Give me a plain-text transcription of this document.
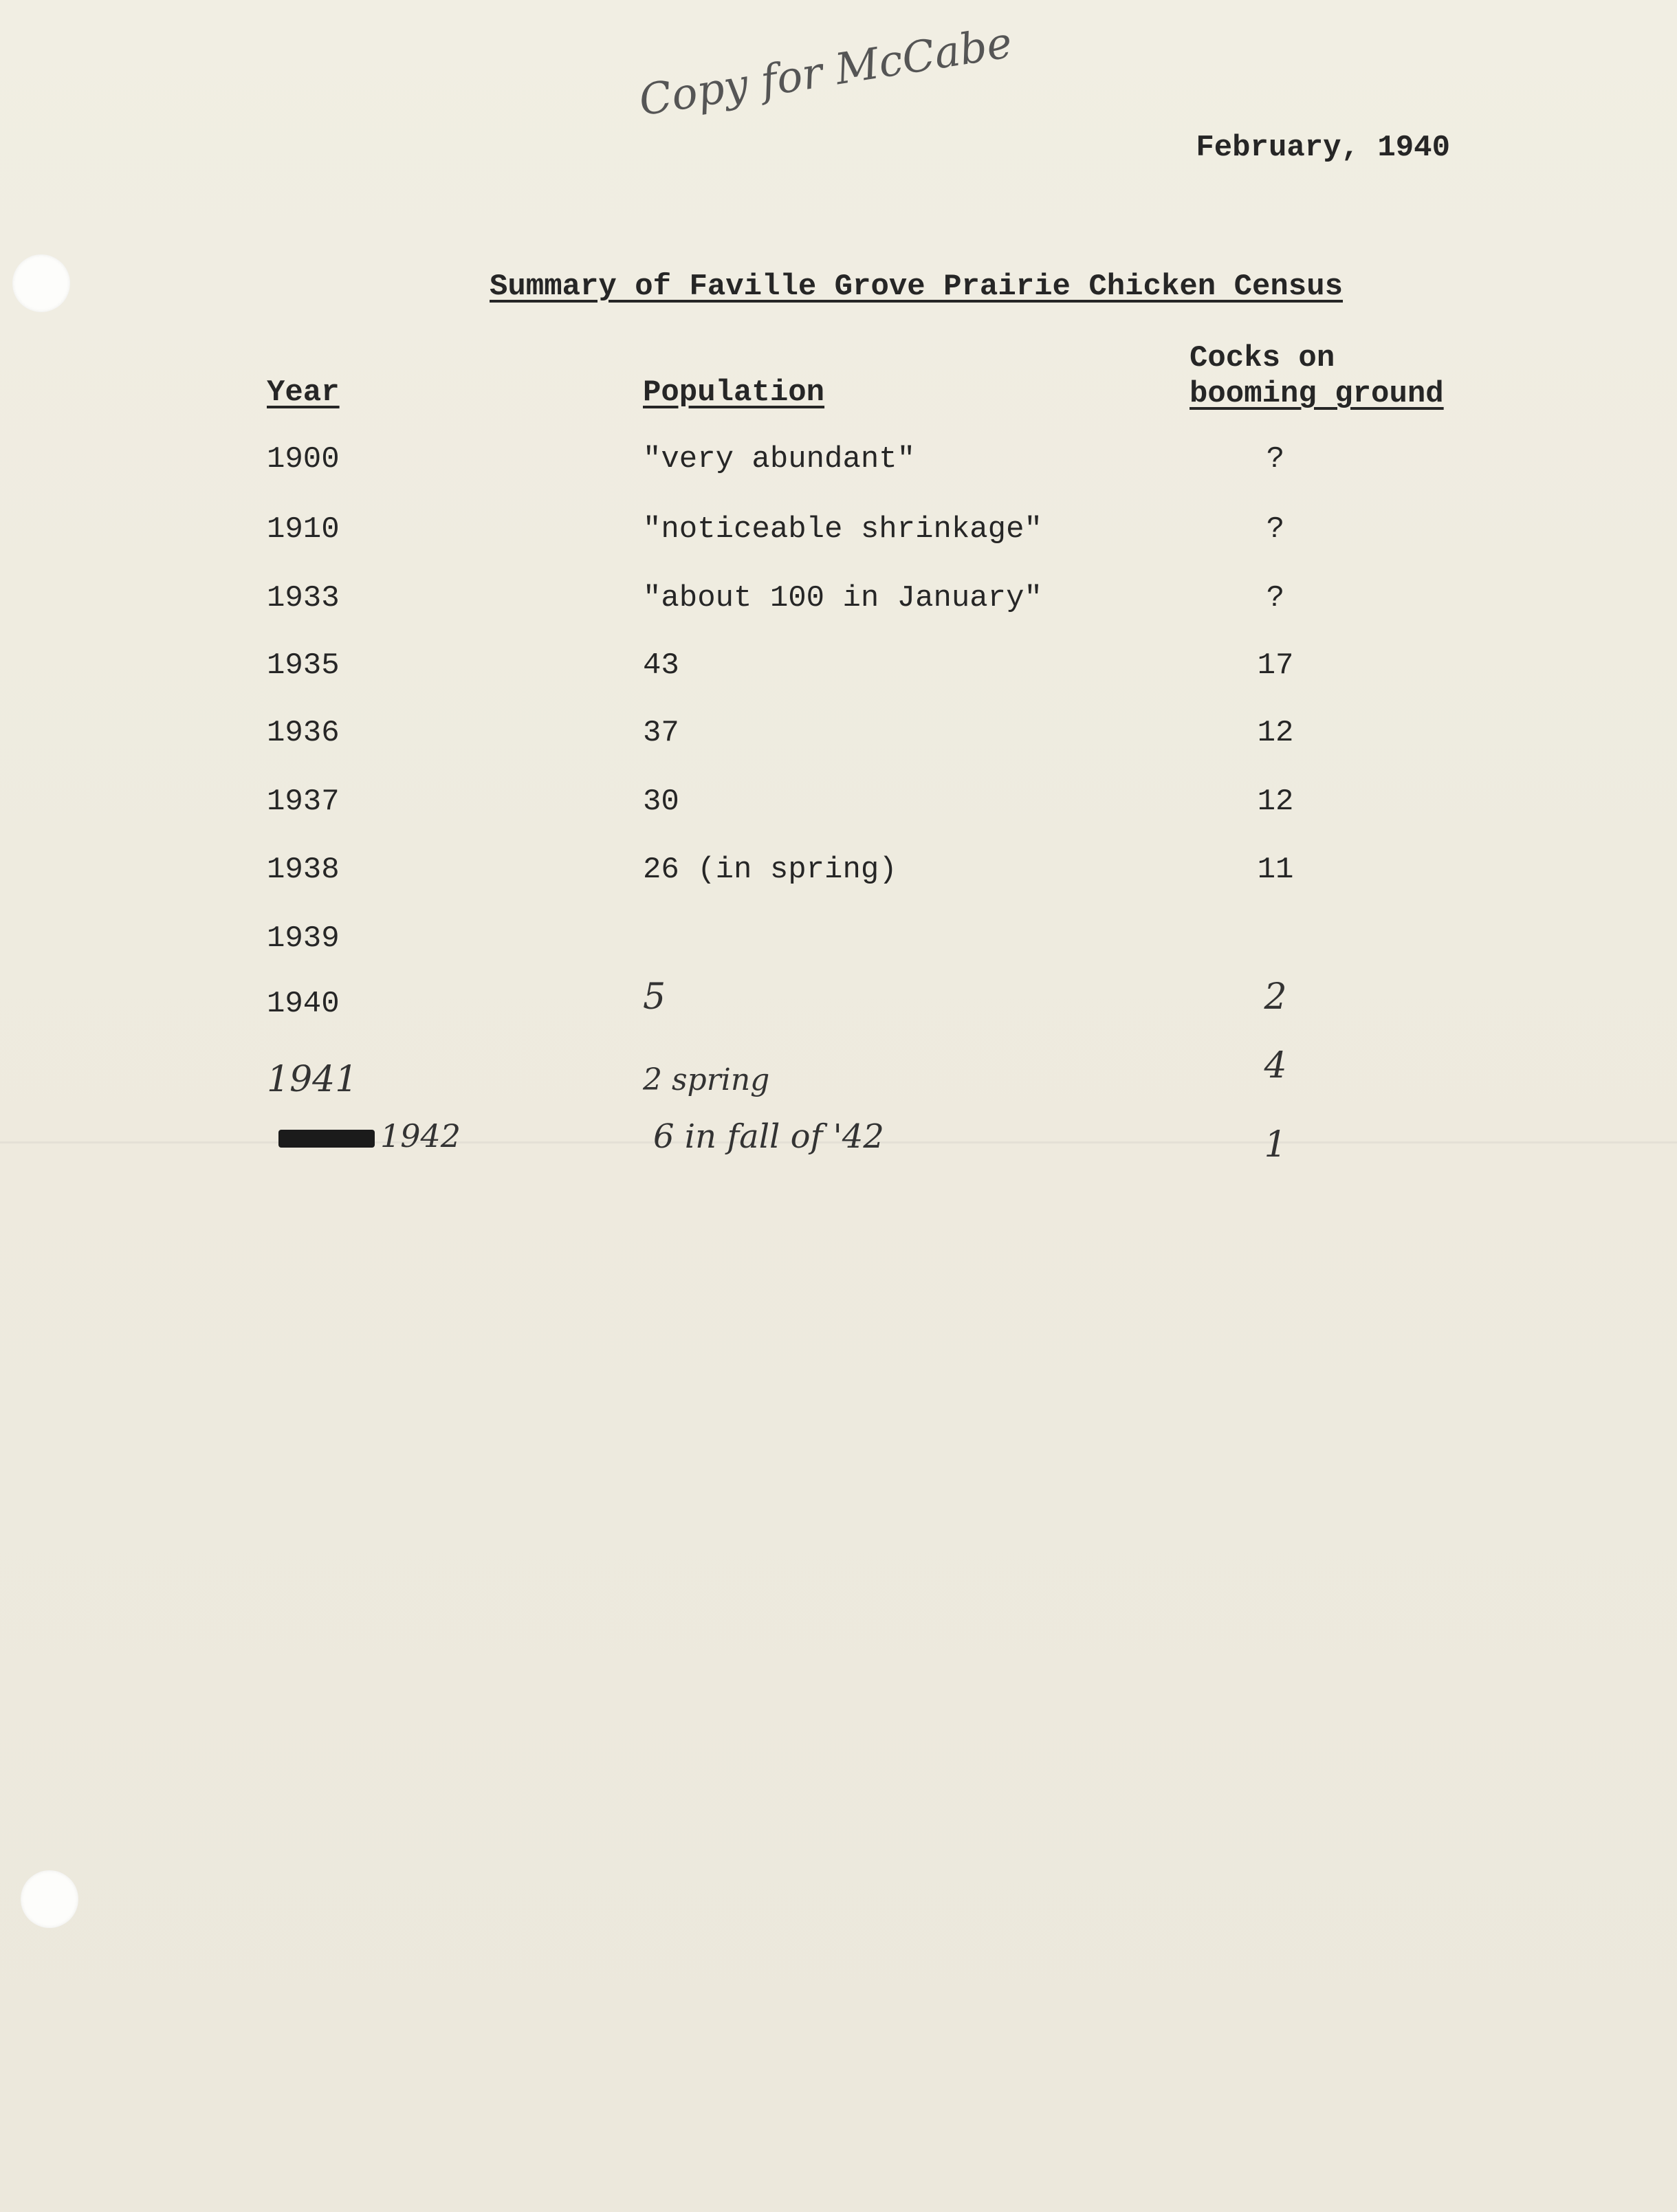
Copy for McCabe
February, 1940
Summary of Faville Grove Prairie Chicken Census
Year	Population
Cocks on
booming ground
1900	"very abundant"	?
1910	"noticeable shrinkage"	?
1933	"about 100 in January"	?
1935	43	17
1936	37	12
1937	30	12
1938	26 (in spring)	11
1939
1940	5	2
1941	2 spring	4
1942	6 in fall of '42	1
